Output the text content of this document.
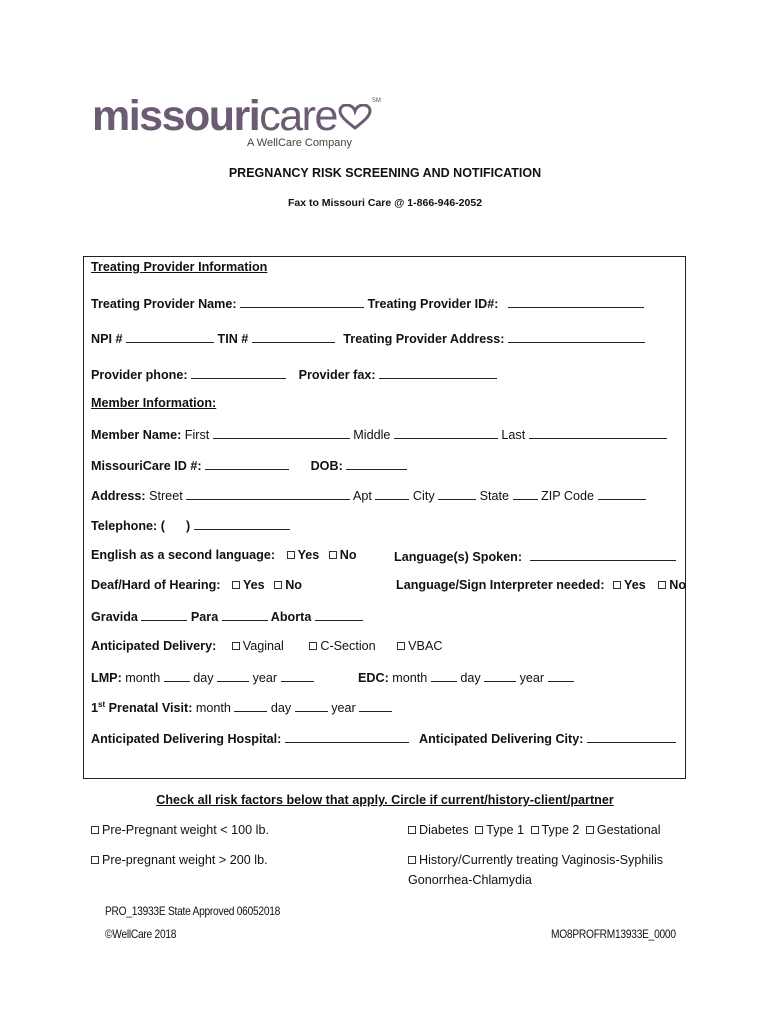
missouricare	℠
A WellCare Company
PREGNANCY RISK SCREENING AND NOTIFICATION
Fax to Missouri Care @ 1-866-946-2052
Treating Provider Information
Treating Provider Name:	Treating Provider ID#:
NPI #	TIN #	Treating Provider Address:
Provider phone:	Provider fax:
Member Information:
Member Name: First	Middle	Last
MissouriCare ID #:	DOB:
Address: Street	Apt	City	State	ZIP Code
Telephone: ( )
English as a second language: Yes No	Language(s) Spoken:
Deaf/Hard of Hearing: Yes No	Language/Sign Interpreter needed: Yes No
Gravida	Para	Aborta
Anticipated Delivery: Vaginal	C-Section	VBAC
LMP: month	day	year	EDC: month	day	year
1st Prenatal Visit: month	day	year
Anticipated Delivering Hospital:	Anticipated Delivering City:
Check all risk factors below that apply. Circle if current/history-client/partner
Pre-Pregnant weight < 100 lb.	Diabetes Type 1 Type 2 Gestational
Pre-pregnant weight > 200 lb.	History/Currently treating Vaginosis-Syphilis
Gonorrhea-Chlamydia
PRO_13933E State Approved 06052018
©WellCare 2018	MO8PROFRM13933E_0000
